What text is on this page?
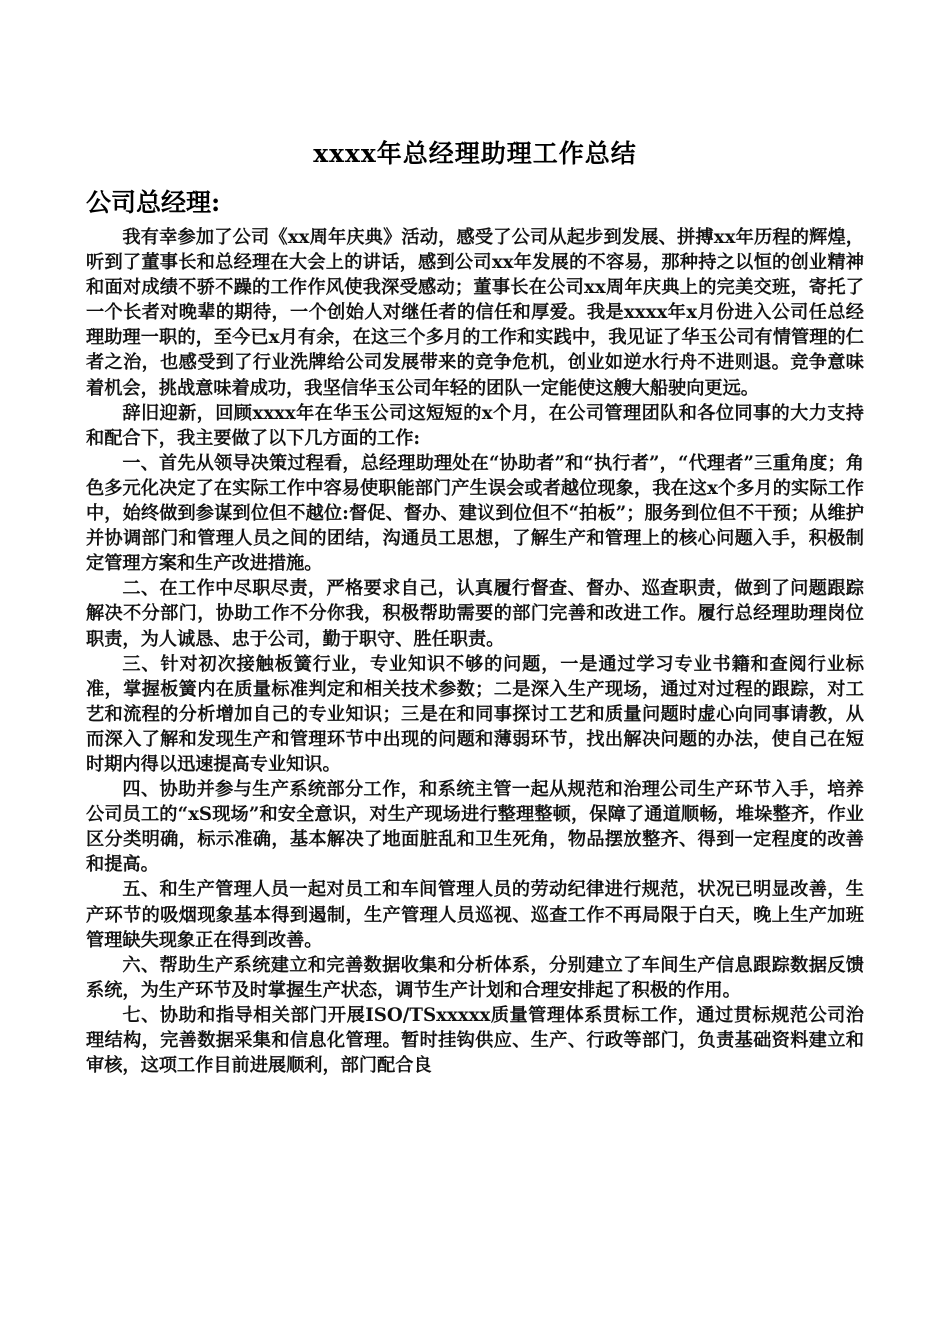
xxxx年总经理助理工作总结
公司总经理:

我有幸参加了公司《xx周年庆典》活动，感受了公司从起步到发展、拼搏xx年历程的辉煌，听到了董事长和总经理在大会上的讲话，感到公司xx年发展的不容易，那种持之以恒的创业精神和面对成绩不骄不躁的工作作风使我深受感动；董事长在公司xx周年庆典上的完美交班，寄托了一个长者对晚辈的期待，一个创始人对继任者的信任和厚爱。我是xxxx年x月份进入公司任总经理助理一职的，至今已x月有余，在这三个多月的工作和实践中，我见证了华玉公司有情管理的仁者之治，也感受到了行业洗牌给公司发展带来的竞争危机，创业如逆水行舟不进则退。竞争意味着机会，挑战意味着成功，我坚信华玉公司年轻的团队一定能使这艘大船驶向更远。

辞旧迎新，回顾xxxx年在华玉公司这短短的x个月，在公司管理团队和各位同事的大力支持和配合下，我主要做了以下几方面的工作:

一、首先从领导决策过程看，总经理助理处在“协助者”和“执行者”，“代理者”三重角度；角色多元化决定了在实际工作中容易使职能部门产生误会或者越位现象，我在这x个多月的实际工作中，始终做到参谋到位但不越位:督促、督办、建议到位但不“拍板”；服务到位但不干预；从维护并协调部门和管理人员之间的团结，沟通员工思想，了解生产和管理上的核心问题入手，积极制定管理方案和生产改进措施。

二、在工作中尽职尽责，严格要求自己，认真履行督查、督办、巡查职责，做到了问题跟踪解决不分部门，协助工作不分你我，积极帮助需要的部门完善和改进工作。履行总经理助理岗位职责，为人诚恳、忠于公司，勤于职守、胜任职责。

三、针对初次接触板簧行业，专业知识不够的问题，一是通过学习专业书籍和查阅行业标准，掌握板簧内在质量标准判定和相关技术参数；二是深入生产现场，通过对过程的跟踪，对工艺和流程的分析增加自己的专业知识；三是在和同事探讨工艺和质量问题时虚心向同事请教，从而深入了解和发现生产和管理环节中出现的问题和薄弱环节，找出解决问题的办法，使自己在短时期内得以迅速提高专业知识。

四、协助并参与生产系统部分工作，和系统主管一起从规范和治理公司生产环节入手，培养公司员工的“xS现场”和安全意识，对生产现场进行整理整顿，保障了通道顺畅，堆垛整齐，作业区分类明确，标示准确，基本解决了地面脏乱和卫生死角，物品摆放整齐、得到一定程度的改善和提高。

五、和生产管理人员一起对员工和车间管理人员的劳动纪律进行规范，状况已明显改善，生产环节的吸烟现象基本得到遏制，生产管理人员巡视、巡查工作不再局限于白天，晚上生产加班管理缺失现象正在得到改善。

六、帮助生产系统建立和完善数据收集和分析体系，分别建立了车间生产信息跟踪数据反馈系统，为生产环节及时掌握生产状态，调节生产计划和合理安排起了积极的作用。

七、协助和指导相关部门开展ISO/TSxxxxx质量管理体系贯标工作，通过贯标规范公司治理结构，完善数据采集和信息化管理。暂时挂钩供应、生产、行政等部门，负责基础资料建立和审核，这项工作目前进展顺利，部门配合良
